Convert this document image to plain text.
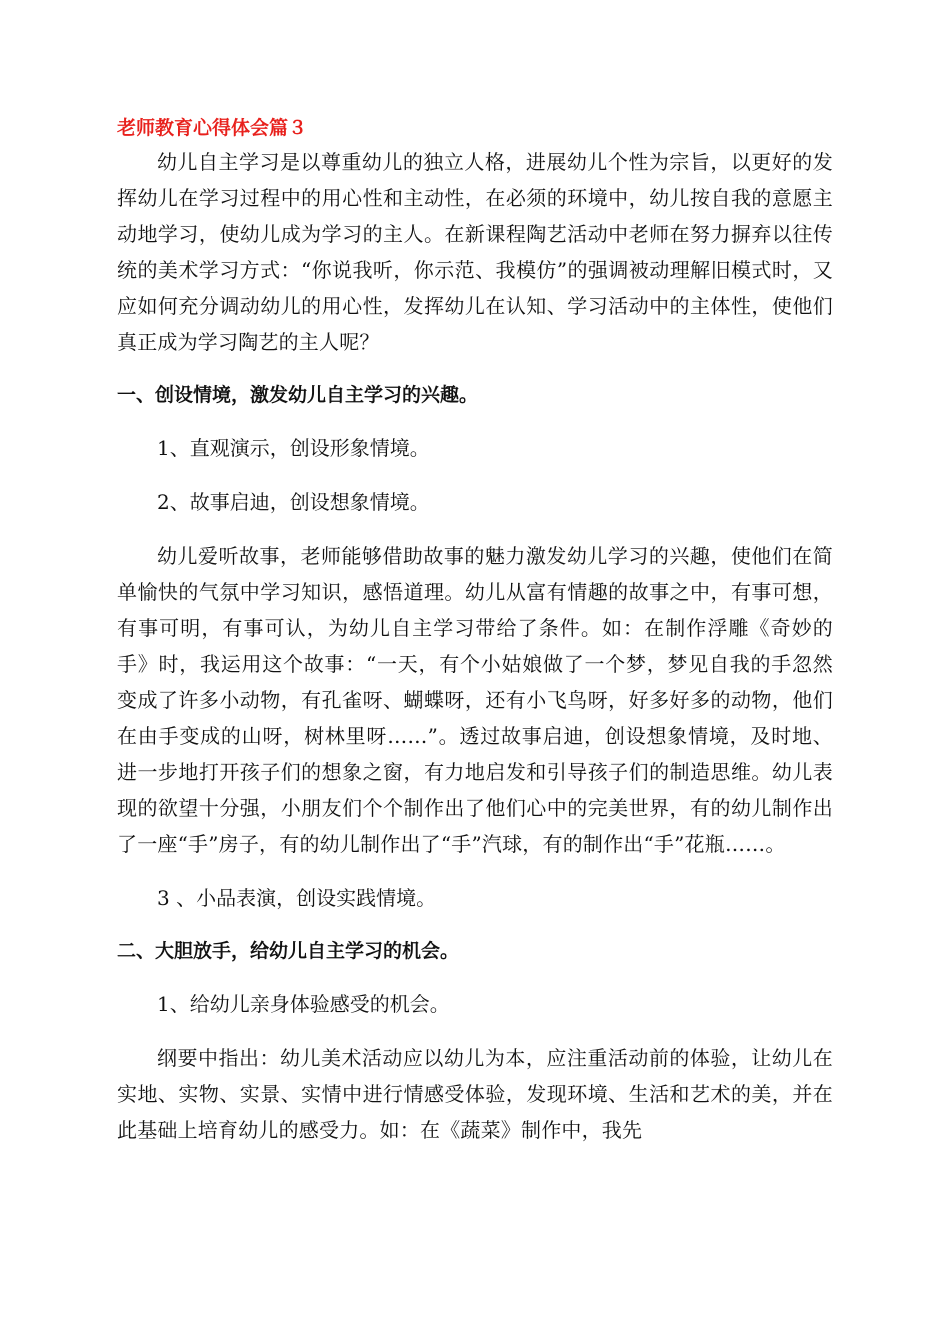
老师教育心得体会篇３

幼儿自主学习是以尊重幼儿的独立人格，进展幼儿个性为宗旨，以更好的发挥幼儿在学习过程中的用心性和主动性，在必须的环境中，幼儿按自我的意愿主动地学习，使幼儿成为学习的主人。在新课程陶艺活动中老师在努力摒弃以往传统的美术学习方式：“你说我听，你示范、我模仿”的强调被动理解旧模式时，又应如何充分调动幼儿的用心性，发挥幼儿在认知、学习活动中的主体性，使他们真正成为学习陶艺的主人呢？

一、创设情境，激发幼儿自主学习的兴趣。

1、直观演示，创设形象情境。

2、故事启迪，创设想象情境。

幼儿爱听故事，老师能够借助故事的魅力激发幼儿学习的兴趣，使他们在简单愉快的气氛中学习知识，感悟道理。幼儿从富有情趣的故事之中，有事可想，有事可明，有事可认，为幼儿自主学习带给了条件。如：在制作浮雕《奇妙的手》时，我运用这个故事：“一天，有个小姑娘做了一个梦，梦见自我的手忽然变成了许多小动物，有孔雀呀、蝴蝶呀，还有小飞鸟呀，好多好多的动物，他们在由手变成的山呀，树林里呀……”。透过故事启迪，创设想象情境，及时地、进一步地打开孩子们的想象之窗，有力地启发和引导孩子们的制造思维。幼儿表现的欲望十分强，小朋友们个个制作出了他们心中的完美世界，有的幼儿制作出了一座“手”房子，有的幼儿制作出了“手”汽球，有的制作出“手”花瓶……。

3 、小品表演，创设实践情境。

二、大胆放手，给幼儿自主学习的机会。

1、给幼儿亲身体验感受的机会。

纲要中指出：幼儿美术活动应以幼儿为本，应注重活动前的体验，让幼儿在实地、实物、实景、实情中进行情感受体验，发现环境、生活和艺术的美，并在此基础上培育幼儿的感受力。如：在《蔬菜》制作中，我先
